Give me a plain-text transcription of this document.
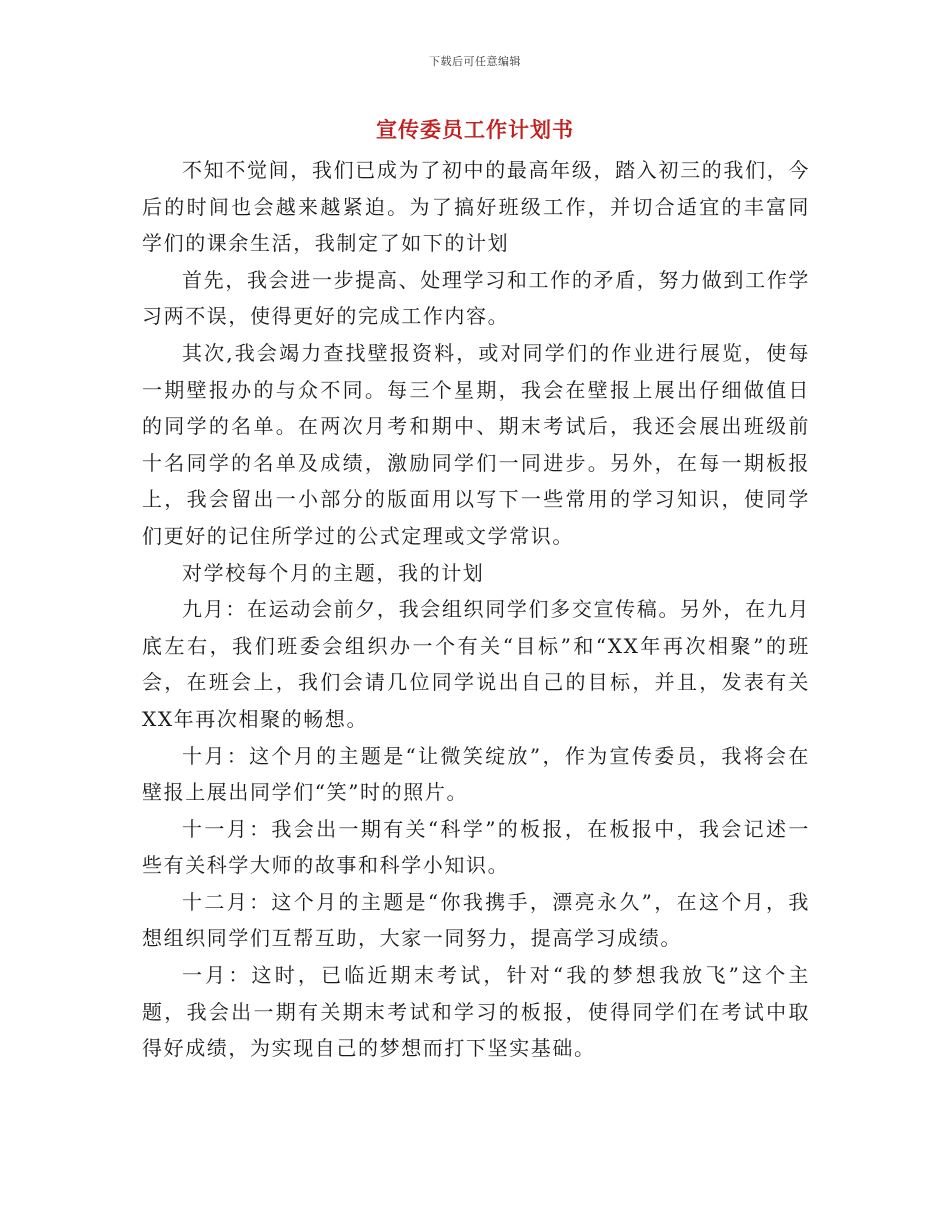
下载后可任意编辑
宣传委员工作计划书

不知不觉间，我们已成为了初中的最高年级，踏入初三的我们，今后的时间也会越来越紧迫。为了搞好班级工作，并切合适宜的丰富同学们的课余生活，我制定了如下的计划

首先，我会进一步提高、处理学习和工作的矛盾，努力做到工作学习两不误，使得更好的完成工作内容。

其次,我会竭力查找壁报资料，或对同学们的作业进行展览，使每一期壁报办的与众不同。每三个星期，我会在壁报上展出仔细做值日的同学的名单。在两次月考和期中、期末考试后，我还会展出班级前十名同学的名单及成绩，激励同学们一同进步。另外，在每一期板报上，我会留出一小部分的版面用以写下一些常用的学习知识，使同学们更好的记住所学过的公式定理或文学常识。

对学校每个月的主题，我的计划

九月：在运动会前夕，我会组织同学们多交宣传稿。另外，在九月底左右，我们班委会组织办一个有关“目标”和“XX年再次相聚”的班会，在班会上，我们会请几位同学说出自己的目标，并且，发表有关XX年再次相聚的畅想。

十月：这个月的主题是“让微笑绽放”，作为宣传委员，我将会在壁报上展出同学们“笑”时的照片。

十一月：我会出一期有关“科学”的板报，在板报中，我会记述一些有关科学大师的故事和科学小知识。

十二月：这个月的主题是“你我携手，漂亮永久”，在这个月，我想组织同学们互帮互助，大家一同努力，提高学习成绩。

一月：这时，已临近期末考试，针对“我的梦想我放飞”这个主题，我会出一期有关期末考试和学习的板报，使得同学们在考试中取得好成绩，为实现自己的梦想而打下坚实基础。
